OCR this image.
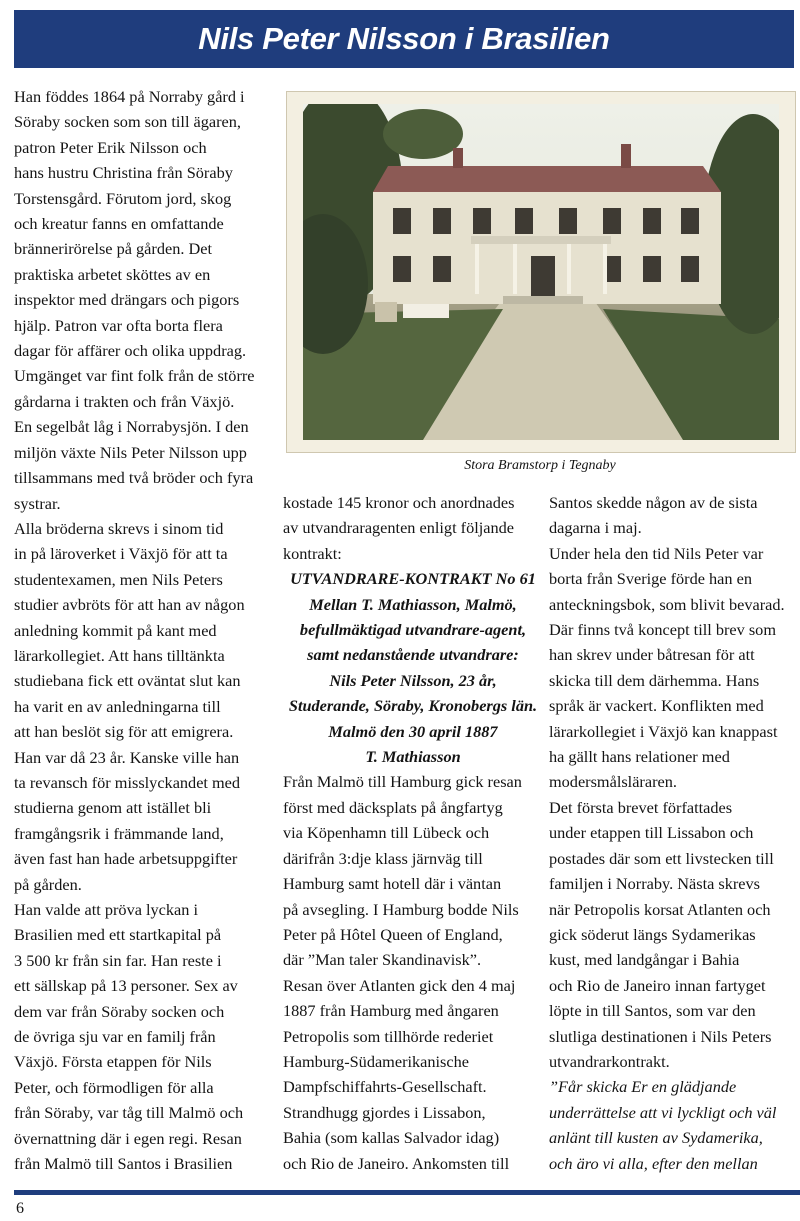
Nils Peter Nilsson i Brasilien

Han föddes 1864 på Norraby gård i
Söraby socken som son till ägaren,
patron Peter Erik Nilsson och
hans hustru Christina från Söraby
Torstensgård. Förutom jord, skog
och kreatur fanns en omfattande
brännerirörelse på gården. Det
praktiska arbetet sköttes av en
inspektor med drängars och pigors
hjälp. Patron var ofta borta flera
dagar för affärer och olika uppdrag.
Umgänget var fint folk från de större
gårdarna i trakten och från Växjö.
En segelbåt låg i Norrabysjön. I den
miljön växte Nils Peter Nilsson upp
tillsammans med två bröder och fyra
systrar.
Alla bröderna skrevs i sinom tid
in på läroverket i Växjö för att ta
studentexamen, men Nils Peters
studier avbröts för att han av någon
anledning kommit på kant med
lärarkollegiet. Att hans tilltänkta
studiebana fick ett oväntat slut kan
ha varit en av anledningarna till
att han beslöt sig för att emigrera.
Han var då 23 år. Kanske ville han
ta revansch för misslyckandet med
studierna genom att istället bli
framgångsrik i främmande land,
även fast han hade arbetsuppgifter
på gården.
Han valde att pröva lyckan i
Brasilien med ett startkapital på
3 500 kr från sin far. Han reste i
ett sällskap på 13 personer. Sex av
dem var från Söraby socken och
de övriga sju var en familj från
Växjö. Första etappen för Nils
Peter, och förmodligen för alla
från Söraby, var tåg till Malmö och
övernattning där i egen regi. Resan
från Malmö till Santos i Brasilien

Stora Bramstorp i Tegnaby

kostade 145 kronor och anordnades
av utvandraragenten enligt följande
kontrakt:

UTVANDRARE-KONTRAKT No 61
Mellan T. Mathiasson, Malmö,
befullmäktigad utvandrare-agent,
samt nedanstående utvandrare:
Nils Peter Nilsson, 23 år,
Studerande, Söraby, Kronobergs län.
Malmö den 30 april 1887
T. Mathiasson

Från Malmö till Hamburg gick resan
först med däcksplats på ångfartyg
via Köpenhamn till Lübeck och
därifrån 3:dje klass järnväg till
Hamburg samt hotell där i väntan
på avsegling. I Hamburg bodde Nils
Peter på Hôtel Queen of England,
där ”Man taler Skandinavisk”.
Resan över Atlanten gick den 4 maj
1887 från Hamburg med ångaren
Petropolis som tillhörde rederiet
Hamburg-Südamerikanische
Dampfschiffahrts-Gesellschaft.
Strandhugg gjordes i Lissabon,
Bahia (som kallas Salvador idag)
och Rio de Janeiro. Ankomsten till

Santos skedde någon av de sista
dagarna i maj.
Under hela den tid Nils Peter var
borta från Sverige förde han en
anteckningsbok, som blivit bevarad.
Där finns två koncept till brev som
han skrev under båtresan för att
skicka till dem därhemma. Hans
språk är vackert. Konflikten med
lärarkollegiet i Växjö kan knappast
ha gällt hans relationer med
modersmålsläraren.
Det första brevet författades
under etappen till Lissabon och
postades där som ett livstecken till
familjen i Norraby. Nästa skrevs
när Petropolis korsat Atlanten och
gick söderut längs Sydamerikas
kust, med landgångar i Bahia
och Rio de Janeiro innan fartyget
löpte in till Santos, som var den
slutliga destinationen i Nils Peters
utvandrarkontrakt.

”Får skicka Er en glädjande
underrättelse att vi lyckligt och väl
anlänt till kusten av Sydamerika,
och äro vi alla, efter den mellan

6
